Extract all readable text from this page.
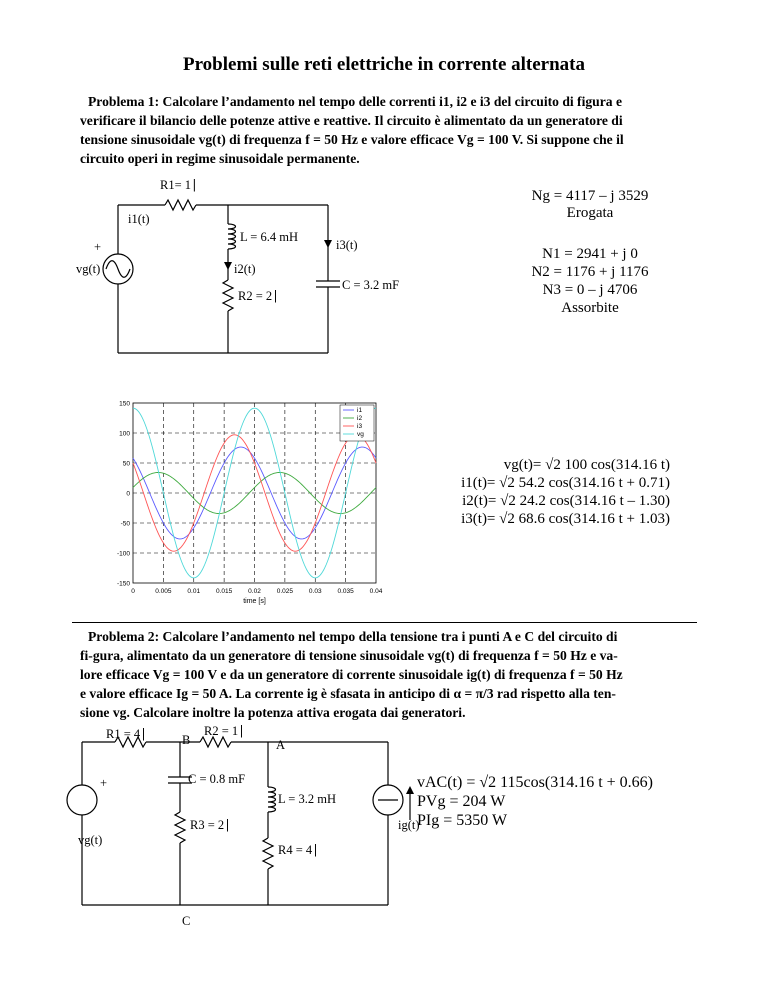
Problemi sulle reti elettriche in corrente alternata
Problema 1: Calcolare l’andamento nel tempo delle correnti i1, i2 e i3 del circuito di figura e
verificare il bilancio delle potenze attive e reattive. Il circuito è alimentato da un generatore di
tensione sinusoidale vg(t) di frequenza f = 50 Hz e valore efficace Vg = 100 V. Si suppone che il
circuito operi in regime sinusoidale permanente.
R1= 1 ⎸
i1(t)
L = 6.4 mH
i3(t)
+
vg(t)	i2(t)
R2 = 2 ⎸
C = 3.2 mF
Ng = 4117 – j 3529
Erogata
N1 = 2941 + j 0
N2 = 1176 + j 1176
N3 = 0 – j 4706
Assorbite
0	0.005 0.01 0.015 0.02 0.025 0.03 0.035 0.04
150
100
50
0
-50
-100
-150
i1
i2
i3
vg
time [s]
vg(t)= √2 100 cos(314.16 t)
i1(t)= √2 54.2 cos(314.16 t + 0.71)
i2(t)= √2 24.2 cos(314.16 t – 1.30)
i3(t)= √2 68.6 cos(314.16 t + 1.03)
Problema 2: Calcolare l’andamento nel tempo della tensione tra i punti A e C del circuito di
fi-gura, alimentato da un generatore di tensione sinusoidale vg(t) di frequenza f = 50 Hz e va-
lore efficace Vg = 100 V e da un generatore di corrente sinusoidale ig(t) di frequenza f = 50 Hz
e valore efficace Ig = 50 A. La corrente ig è sfasata in anticipo di α = π/3 rad rispetto alla ten-
sione vg. Calcolare inoltre la potenza attiva erogata dai generatori.
R1 = 4 ⎸ B
R2 = 1 ⎸
A
+	C = 0.8 mF
L = 3.2 mH
vg(t)
R3 = 2 ⎸	ig(t)
R4 = 4 ⎸
C
vAC(t) = √2 115cos(314.16 t + 0.66)
PVg = 204 W
PIg = 5350 W
